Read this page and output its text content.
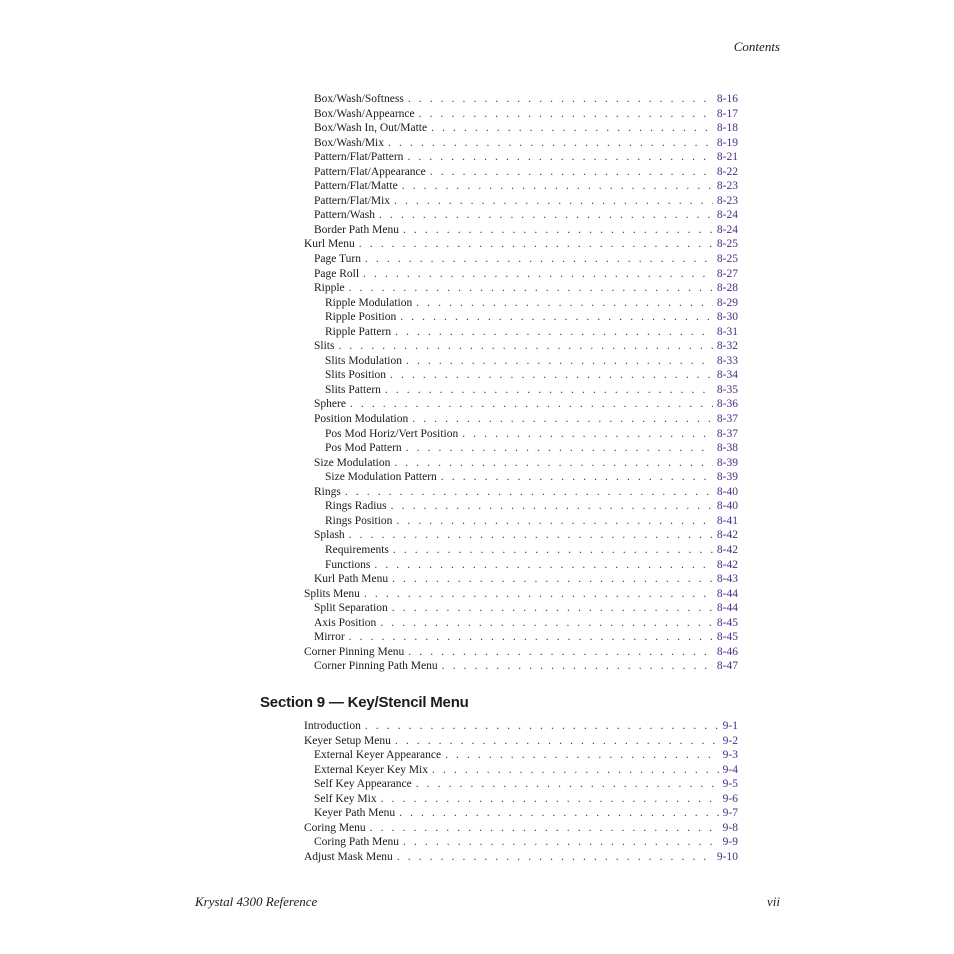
Contents

Box/Wash/Softness . . .	8-16
Box/Wash/Appearnce . . .	8-17
Box/Wash In, Out/Matte . . .	8-18
Box/Wash/Mix . . .	8-19
Pattern/Flat/Pattern . . .	8-21
Pattern/Flat/Appearance . . .	8-22
Pattern/Flat/Matte . . .	8-23
Pattern/Flat/Mix . . .	8-23
Pattern/Wash . . .	8-24
Border Path Menu . . .	8-24
Kurl Menu . . .	8-25
Page Turn . . .	8-25
Page Roll . . .	8-27
Ripple . . .	8-28
Ripple Modulation . . .	8-29
Ripple Position . . .	8-30
Ripple Pattern . . .	8-31
Slits . . .	8-32
Slits Modulation . . .	8-33
Slits Position . . .	8-34
Slits Pattern . . .	8-35
Sphere . . .	8-36
Position Modulation . . .	8-37
Pos Mod Horiz/Vert Position . . .	8-37
Pos Mod Pattern . . .	8-38
Size Modulation . . .	8-39
Size Modulation Pattern . . .	8-39
Rings . . .	8-40
Rings Radius . . .	8-40
Rings Position . . .	8-41
Splash . . .	8-42
Requirements . . .	8-42
Functions . . .	8-42
Kurl Path Menu . . .	8-43
Splits Menu . . .	8-44
Split Separation . . .	8-44
Axis Position . . .	8-45
Mirror . . .	8-45
Corner Pinning Menu . . .	8-46
Corner Pinning Path Menu . . .	8-47
Section 9 — Key/Stencil Menu
Introduction . . .	9-1
Keyer Setup Menu . . .	9-2
External Keyer Appearance . . .	9-3
External Keyer Key Mix . . .	9-4
Self Key Appearance . . .	9-5
Self Key Mix . . .	9-6
Keyer Path Menu . . .	9-7
Coring Menu . . .	9-8
Coring Path Menu . . .	9-9
Adjust Mask Menu . . .	9-10

Krystal 4300 Reference	vii
